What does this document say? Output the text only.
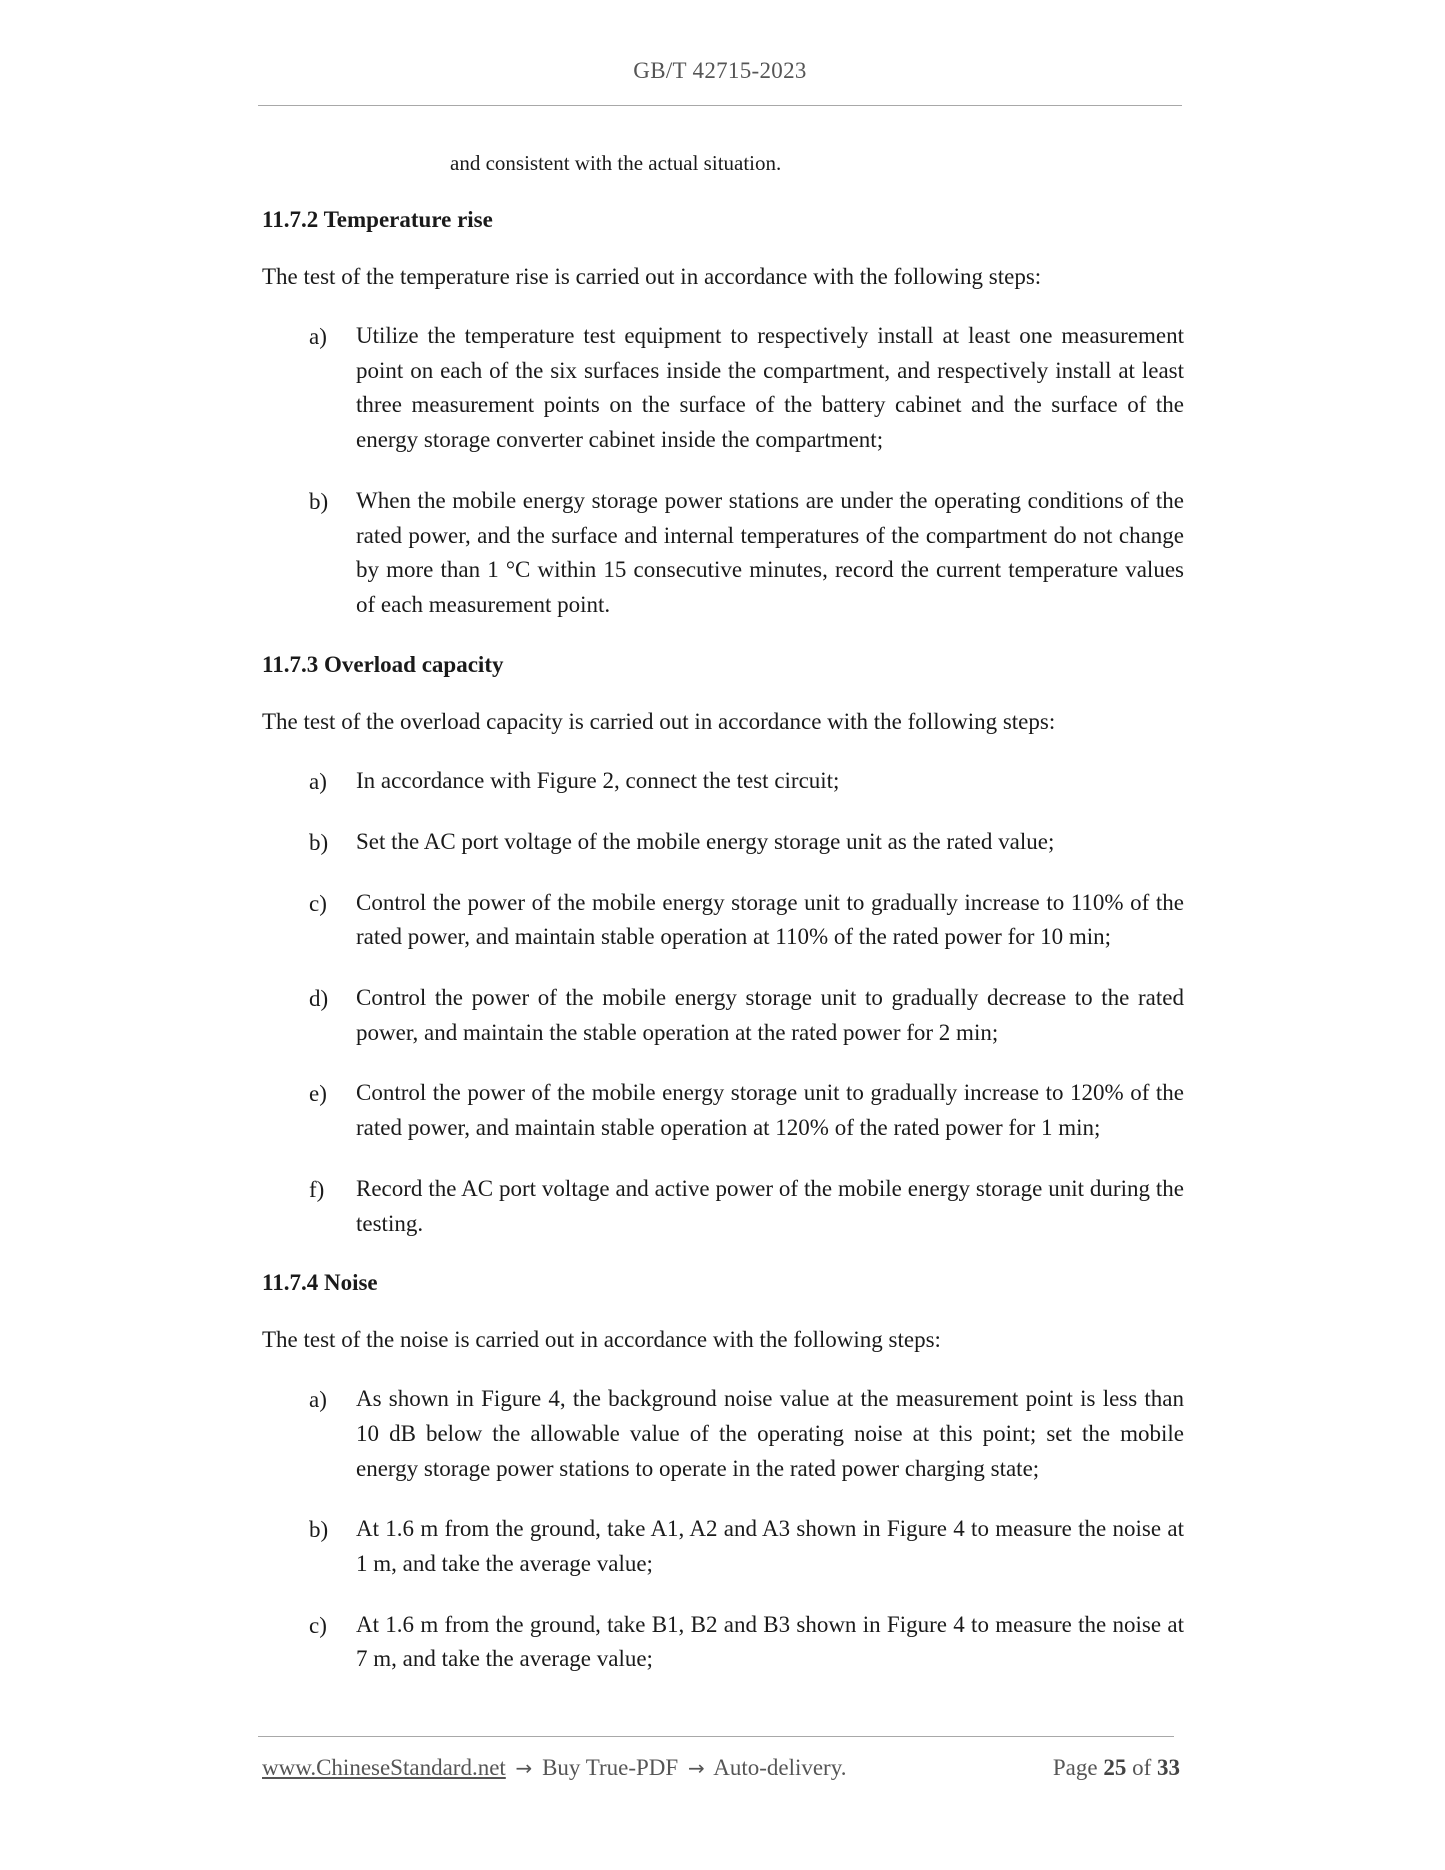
GB/T 42715-2023
and consistent with the actual situation.
11.7.2 Temperature rise
The test of the temperature rise is carried out in accordance with the following steps:
a)	Utilize the temperature test equipment to respectively install at least one measurement point on each of the six surfaces inside the compartment, and respectively install at least three measurement points on the surface of the battery cabinet and the surface of the energy storage converter cabinet inside the compartment;
b)	When the mobile energy storage power stations are under the operating conditions of the rated power, and the surface and internal temperatures of the compartment do not change by more than 1 °C within 15 consecutive minutes, record the current temperature values of each measurement point.
11.7.3 Overload capacity
The test of the overload capacity is carried out in accordance with the following steps:
a)	In accordance with Figure 2, connect the test circuit;
b)	Set the AC port voltage of the mobile energy storage unit as the rated value;
c)	Control the power of the mobile energy storage unit to gradually increase to 110% of the rated power, and maintain stable operation at 110% of the rated power for 10 min;
d)	Control the power of the mobile energy storage unit to gradually decrease to the rated power, and maintain the stable operation at the rated power for 2 min;
e)	Control the power of the mobile energy storage unit to gradually increase to 120% of the rated power, and maintain stable operation at 120% of the rated power for 1 min;
f)	Record the AC port voltage and active power of the mobile energy storage unit during the testing.
11.7.4 Noise
The test of the noise is carried out in accordance with the following steps:
a)	As shown in Figure 4, the background noise value at the measurement point is less than 10 dB below the allowable value of the operating noise at this point; set the mobile energy storage power stations to operate in the rated power charging state;
b)	At 1.6 m from the ground, take A1, A2 and A3 shown in Figure 4 to measure the noise at 1 m, and take the average value;
c)	At 1.6 m from the ground, take B1, B2 and B3 shown in Figure 4 to measure the noise at 7 m, and take the average value;
www.ChineseStandard.net → Buy True-PDF → Auto-delivery.	Page 25 of 33
